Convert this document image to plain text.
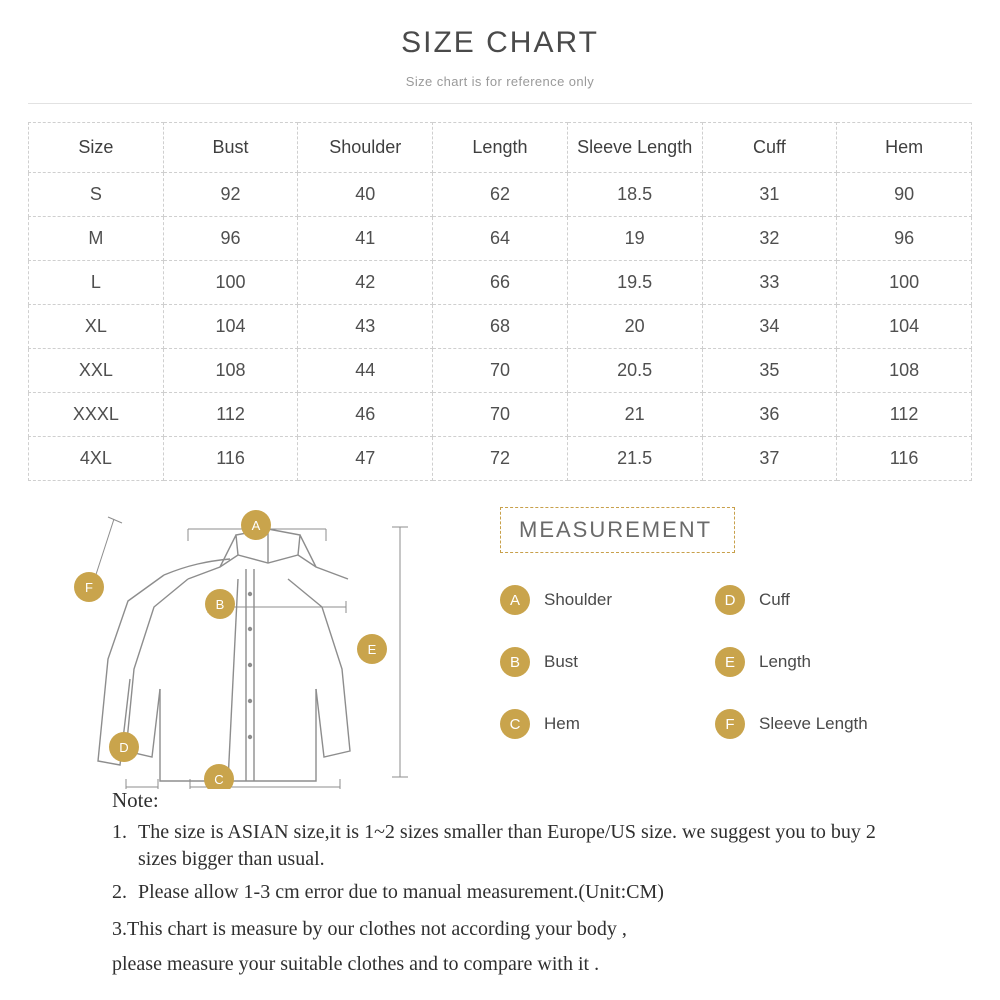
SIZE CHART
Size chart is for reference only
Size	Bust	Shoulder	Length	Sleeve Length	Cuff	Hem
S	92	40	62	18.5	31	90
M	96	41	64	19	32	96
L	100	42	66	19.5	33	100
XL	104	43	68	20	34	104
XXL	108	44	70	20.5	35	108
XXXL	112	46	70	21	36	112
4XL	116	47	72	21.5	37	116
A
B
C
D
E
F
MEASUREMENT
A	Shoulder	D	Cuff
B	Bust	E	Length
C	Hem	F	Sleeve Length
Note:
1. The size is ASIAN size,it is 1~2 sizes smaller than Europe/US size. we suggest you to buy 2 sizes bigger than usual.
2. Please allow 1-3 cm error due to manual measurement.(Unit:CM)
3.This chart is measure by our clothes not according your body ,
please measure your suitable clothes and to compare with it .
